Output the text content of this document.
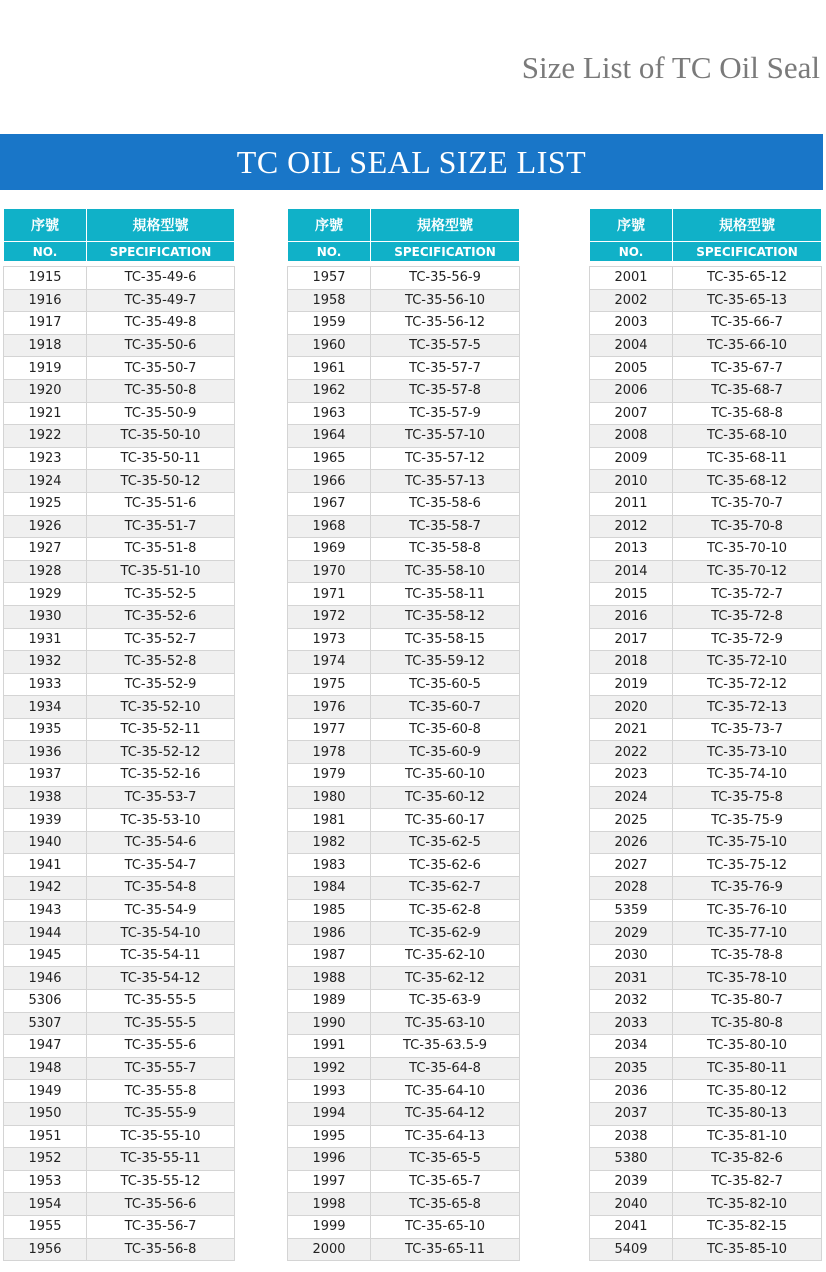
Size List of TC Oil Seal
TC OIL SEAL SIZE LIST
序號	規格型號
NO.	SPECIFICATION

1915	TC-35-49-6
1916	TC-35-49-7
1917	TC-35-49-8
1918	TC-35-50-6
1919	TC-35-50-7
1920	TC-35-50-8
1921	TC-35-50-9
1922	TC-35-50-10
1923	TC-35-50-11
1924	TC-35-50-12
1925	TC-35-51-6
1926	TC-35-51-7
1927	TC-35-51-8
1928	TC-35-51-10
1929	TC-35-52-5
1930	TC-35-52-6
1931	TC-35-52-7
1932	TC-35-52-8
1933	TC-35-52-9
1934	TC-35-52-10
1935	TC-35-52-11
1936	TC-35-52-12
1937	TC-35-52-16
1938	TC-35-53-7
1939	TC-35-53-10
1940	TC-35-54-6
1941	TC-35-54-7
1942	TC-35-54-8
1943	TC-35-54-9
1944	TC-35-54-10
1945	TC-35-54-11
1946	TC-35-54-12
5306	TC-35-55-5
5307	TC-35-55-5
1947	TC-35-55-6
1948	TC-35-55-7
1949	TC-35-55-8
1950	TC-35-55-9
1951	TC-35-55-10
1952	TC-35-55-11
1953	TC-35-55-12
1954	TC-35-56-6
1955	TC-35-56-7
1956	TC-35-56-8
序號	規格型號
NO.	SPECIFICATION

1957	TC-35-56-9
1958	TC-35-56-10
1959	TC-35-56-12
1960	TC-35-57-5
1961	TC-35-57-7
1962	TC-35-57-8
1963	TC-35-57-9
1964	TC-35-57-10
1965	TC-35-57-12
1966	TC-35-57-13
1967	TC-35-58-6
1968	TC-35-58-7
1969	TC-35-58-8
1970	TC-35-58-10
1971	TC-35-58-11
1972	TC-35-58-12
1973	TC-35-58-15
1974	TC-35-59-12
1975	TC-35-60-5
1976	TC-35-60-7
1977	TC-35-60-8
1978	TC-35-60-9
1979	TC-35-60-10
1980	TC-35-60-12
1981	TC-35-60-17
1982	TC-35-62-5
1983	TC-35-62-6
1984	TC-35-62-7
1985	TC-35-62-8
1986	TC-35-62-9
1987	TC-35-62-10
1988	TC-35-62-12
1989	TC-35-63-9
1990	TC-35-63-10
1991	TC-35-63.5-9
1992	TC-35-64-8
1993	TC-35-64-10
1994	TC-35-64-12
1995	TC-35-64-13
1996	TC-35-65-5
1997	TC-35-65-7
1998	TC-35-65-8
1999	TC-35-65-10
2000	TC-35-65-11
序號	規格型號
NO.	SPECIFICATION

2001	TC-35-65-12
2002	TC-35-65-13
2003	TC-35-66-7
2004	TC-35-66-10
2005	TC-35-67-7
2006	TC-35-68-7
2007	TC-35-68-8
2008	TC-35-68-10
2009	TC-35-68-11
2010	TC-35-68-12
2011	TC-35-70-7
2012	TC-35-70-8
2013	TC-35-70-10
2014	TC-35-70-12
2015	TC-35-72-7
2016	TC-35-72-8
2017	TC-35-72-9
2018	TC-35-72-10
2019	TC-35-72-12
2020	TC-35-72-13
2021	TC-35-73-7
2022	TC-35-73-10
2023	TC-35-74-10
2024	TC-35-75-8
2025	TC-35-75-9
2026	TC-35-75-10
2027	TC-35-75-12
2028	TC-35-76-9
5359	TC-35-76-10
2029	TC-35-77-10
2030	TC-35-78-8
2031	TC-35-78-10
2032	TC-35-80-7
2033	TC-35-80-8
2034	TC-35-80-10
2035	TC-35-80-11
2036	TC-35-80-12
2037	TC-35-80-13
2038	TC-35-81-10
5380	TC-35-82-6
2039	TC-35-82-7
2040	TC-35-82-10
2041	TC-35-82-15
5409	TC-35-85-10
